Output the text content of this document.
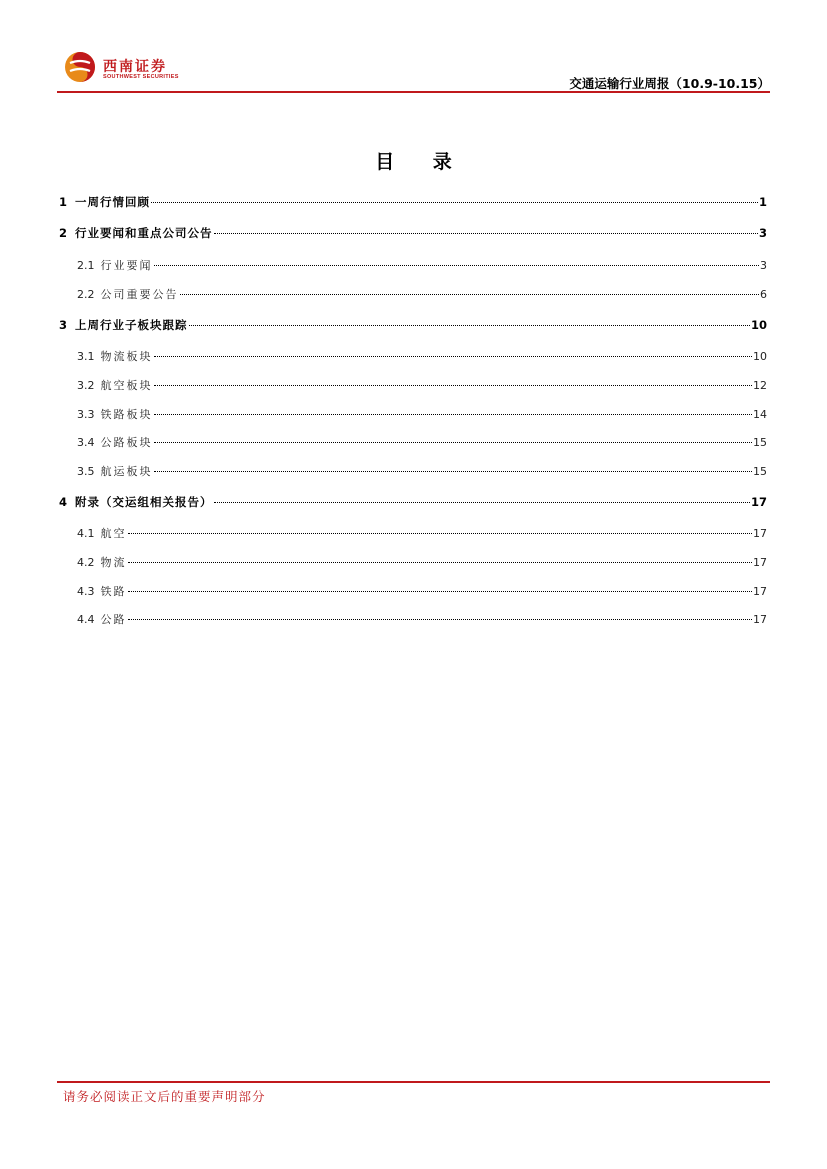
西南证券
SOUTHWEST SECURITIES	交通运输行业周报（10.9-10.15）
目 录
1 一周行情回顾	1
2 行业要闻和重点公司公告	3
2.1 行业要闻	3
2.2 公司重要公告	6
3 上周行业子板块跟踪	10
3.1 物流板块	10
3.2 航空板块	12
3.3 铁路板块	14
3.4 公路板块	15
3.5 航运板块	15
4 附录（交运组相关报告）	17
4.1 航空	17
4.2 物流	17
4.3 铁路	17
4.4 公路	17
请务必阅读正文后的重要声明部分
